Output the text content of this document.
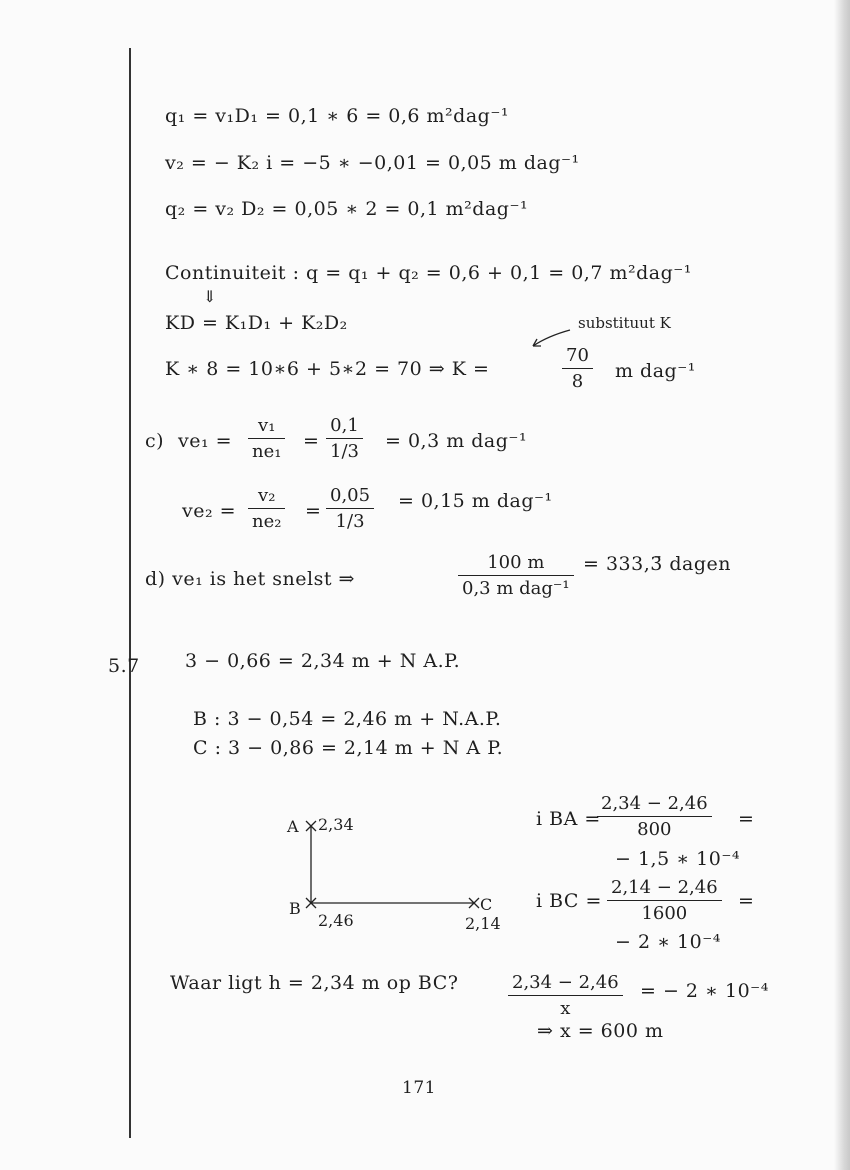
q₁ = v₁D₁ = 0,1 ∗ 6 = 0,6 m²dag⁻¹
v₂ = − K₂ i = −5 ∗ −0,01 = 0,05 m dag⁻¹
q₂ = v₂ D₂ = 0,05 ∗ 2 = 0,1 m²dag⁻¹
Continuiteit : q = q₁ + q₂ = 0,6 + 0,1 = 0,7 m²dag⁻¹
⇓
KD = K₁D₁ + K₂D₂	substituut K
K ∗ 8 = 10∗6 + 5∗2 = 70 ⇒ K =	$\frac{70}{8}$ m dag⁻¹
c) $ve_1 = \frac{\text{v₁}}{\text{ne₁}} = \frac{0,1}{1/3} = 0,3$ m dag⁻¹
$ve_2 = \frac{\text{v₂}}{\text{ne₂}} = \frac{0,05}{1/3} = 0,15$ m dag⁻¹
d) ve₁ is het snelst ⇒
100 m
0,3 m dag⁻¹
= 333,3̄ dagen
5.7 3 − 0,66 = 2,34 m + N A.P.
B : 3 − 0,54 = 2,46 m + N.A.P.
C : 3 − 0,86 = 2,14 m + N A P.
A 2,34
B
2,46
C
2,14
i BA =
$\frac{2,34 - 2,46}{800}$ =
− 1,5 ∗ 10⁻⁴
i BC = $\frac{2,14 - 2,46}{1600}$ =
− 2 ∗ 10⁻⁴
Waar ligt h = 2,34 m op BC?	$\frac{2,34 - 2,46}{x}$ = − 2 ∗ 10⁻⁴
⇒ x = 600 m
171
